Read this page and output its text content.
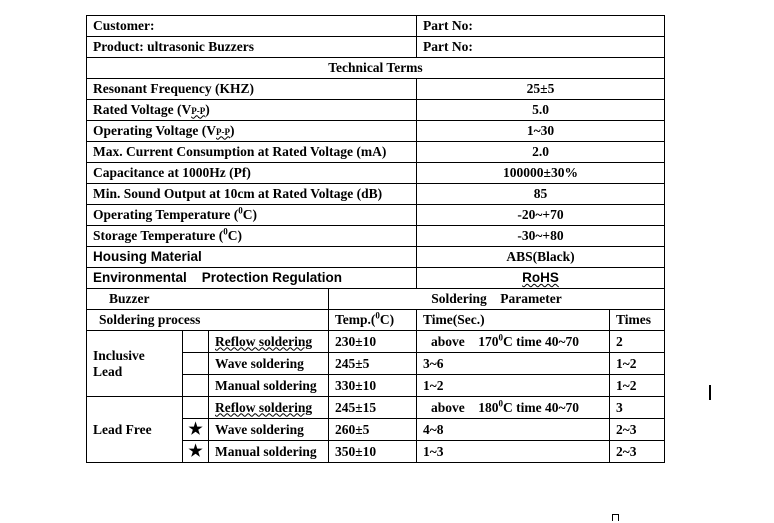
Customer:				Part No:	
Product: ultrasonic Buzzers				Part No:	
Technical Terms					
Resonant Frequency (KHZ)				25±5	
Rated Voltage (VP-P)				5.0	
Operating Voltage (VP-P)				1~30	
Max. Current Consumption at Rated Voltage (mA)				2.0	
Capacitance at 1000Hz (Pf)				100000±30%	
Min. Sound Output at 10cm at Rated Voltage (dB)				85	
Operating Temperature ($^0$C)				-20~+70	
Storage Temperature ($^0$C)				-30~+80	
Housing Material				ABS(Black)	
Environmental    Protection Regulation				RoHS	
Buzzer			Soldering    Parameter		
Soldering process			Temp.($^0$C)	Time(Sec.)	Times
Inclusive
Lead		Reflow soldering	230±10	above    $170^0C$ time 40~70	2
		Wave soldering	245±5	3~6	1~2
		Manual soldering	330±10	1~2	1~2
Lead Free		Reflow soldering	245±15	above    $180^0C$ time 40~70	3
	★	Wave soldering	260±5	4~8	2~3
	★	Manual soldering	350±10	1~3	2~3
